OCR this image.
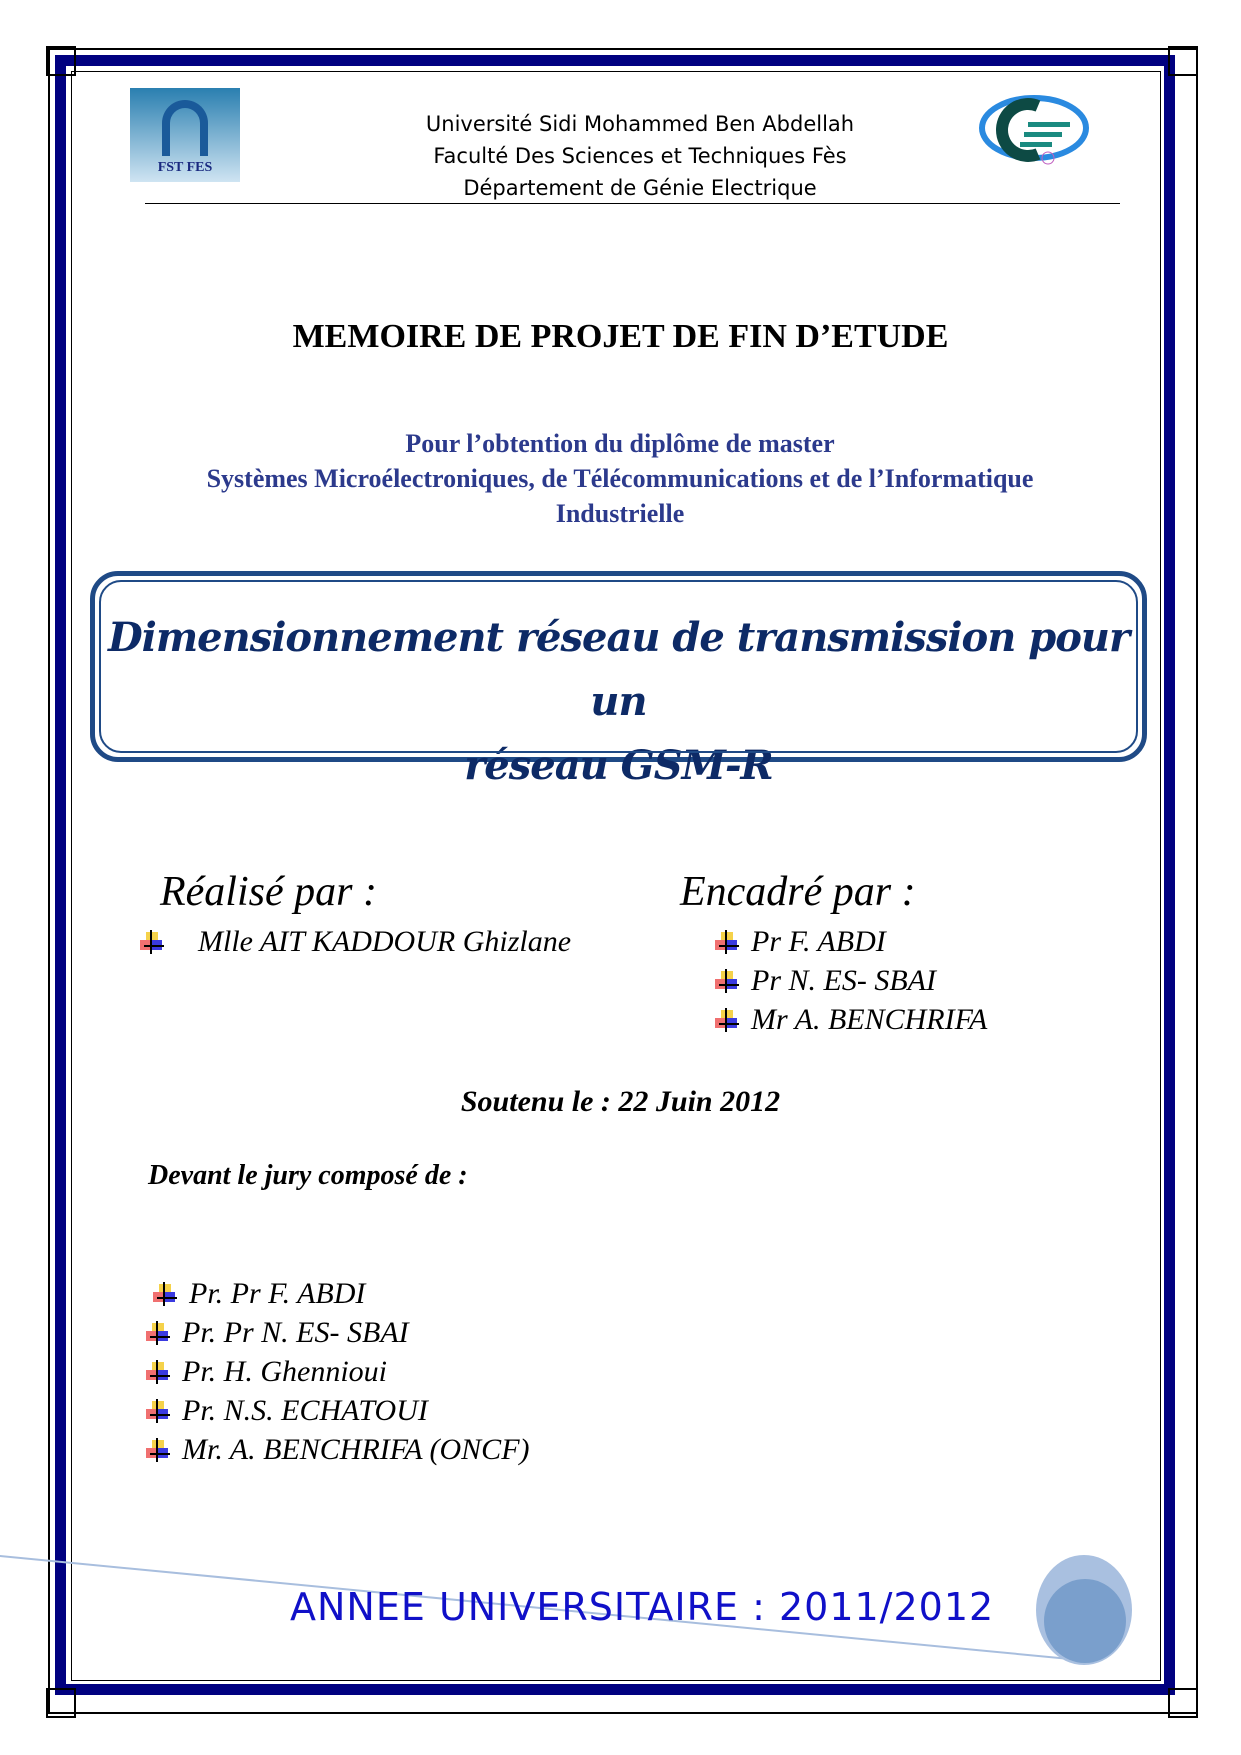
FST FES
Université Sidi Mohammed Ben Abdellah
Faculté Des Sciences et Techniques Fès
Département de Génie Electrique
MEMOIRE DE PROJET DE FIN D’ETUDE
Pour l’obtention du diplôme de master
Systèmes Microélectroniques, de Télécommunications et de l’Informatique
Industrielle
Dimensionnement réseau de transmission pour un
réseau GSM-R
Réalisé par :
Mlle AIT KADDOUR Ghizlane
Encadré par :
Pr F. ABDI
Pr N. ES- SBAI
Mr A. BENCHRIFA
Soutenu le : 22 Juin 2012
Devant le jury composé de :
Pr. Pr F. ABDI
Pr. Pr N. ES- SBAI
Pr. H. Ghennioui
Pr. N.S. ECHATOUI
Mr. A. BENCHRIFA (ONCF)
ANNEE UNIVERSITAIRE : 2011/2012
